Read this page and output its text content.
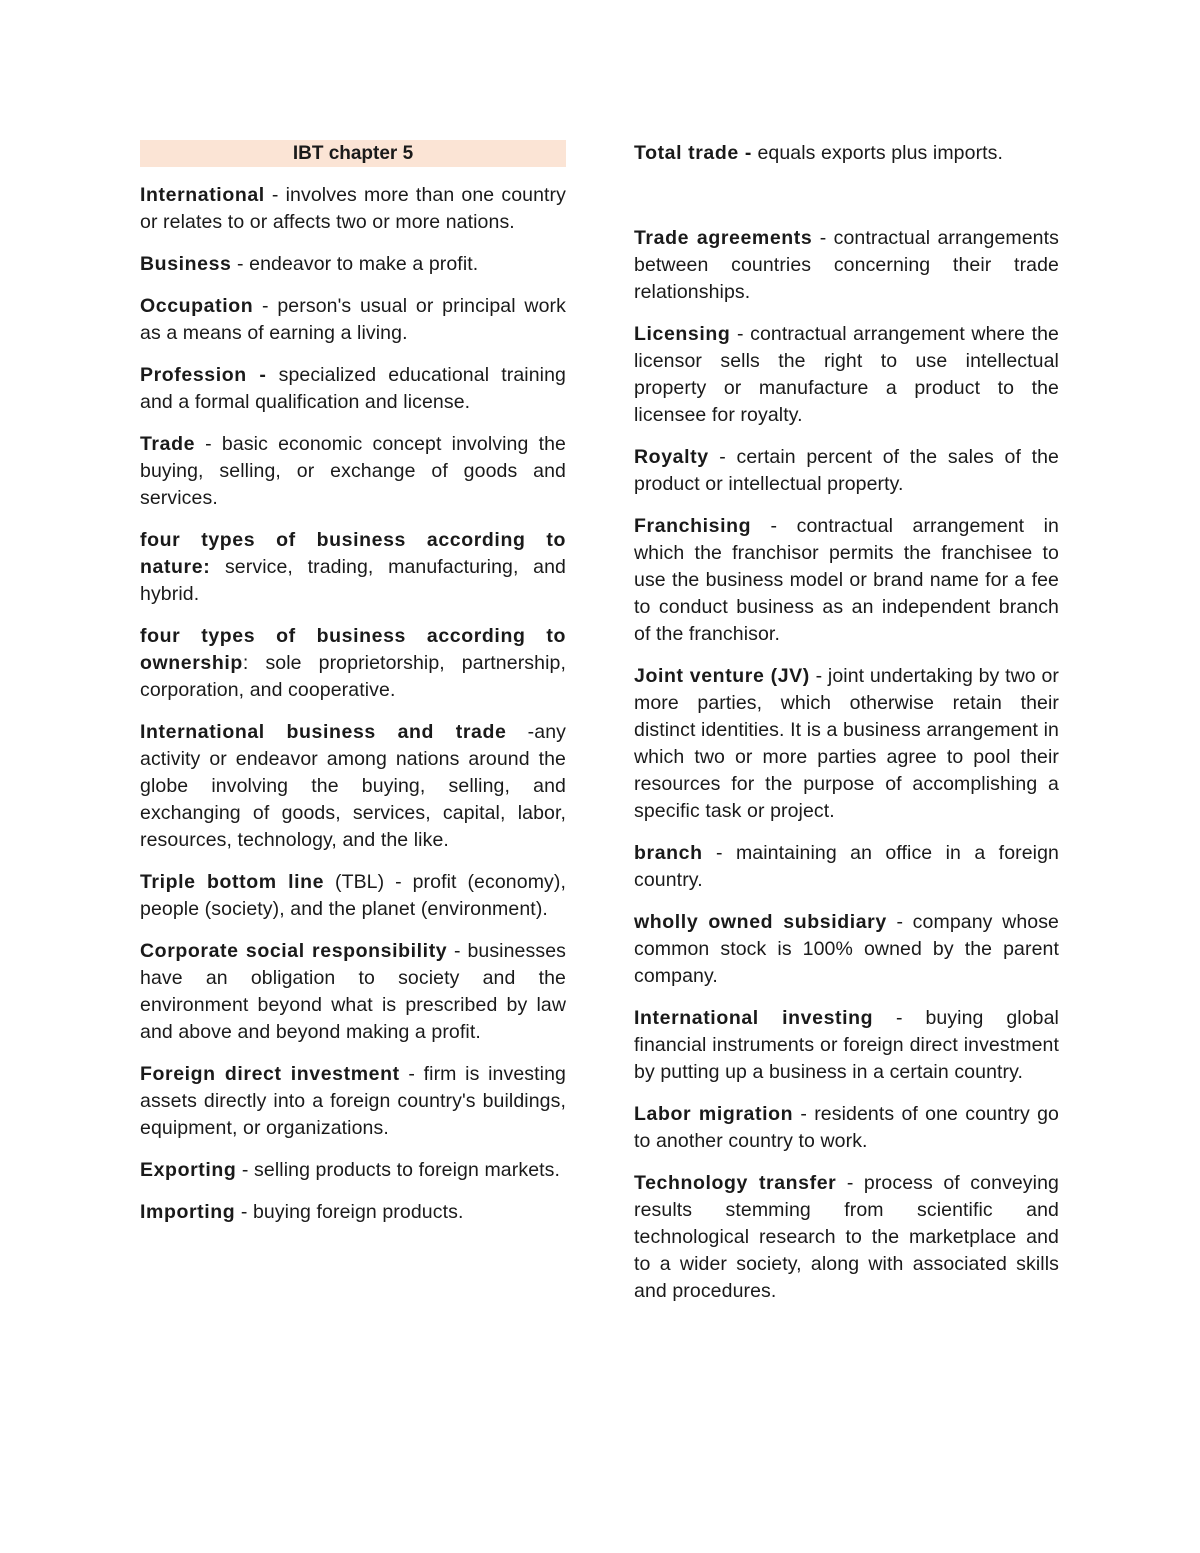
IBT chapter 5

International - involves more than one country or relates to or affects two or more nations.

Business - endeavor to make a profit.

Occupation - person's usual or principal work as a means of earning a living.

Profession - specialized educational training and a formal qualification and license.

Trade - basic economic concept involving the buying, selling, or exchange of goods and services.

four types of business according to nature: service, trading, manufacturing, and hybrid.

four types of business according to ownership: sole proprietorship, partnership, corporation, and cooperative.

International business and trade -any activity or endeavor among nations around the globe involving the buying, selling, and exchanging of goods, services, capital, labor, resources, technology, and the like.

Triple bottom line (TBL) - profit (economy), people (society), and the planet (environment).

Corporate social responsibility - businesses have an obligation to society and the environment beyond what is prescribed by law and above and beyond making a profit.

Foreign direct investment - firm is investing assets directly into a foreign country's buildings, equipment, or organizations.

Exporting - selling products to foreign markets.

Importing - buying foreign products.

Total trade - equals exports plus imports.

Trade agreements - contractual arrangements between countries concerning their trade relationships.

Licensing - contractual arrangement where the licensor sells the right to use intellectual property or manufacture a product to the licensee for royalty.

Royalty - certain percent of the sales of the product or intellectual property.

Franchising - contractual arrangement in which the franchisor permits the franchisee to use the business model or brand name for a fee to conduct business as an independent branch of the franchisor.

Joint venture (JV) - joint undertaking by two or more parties, which otherwise retain their distinct identities. It is a business arrangement in which two or more parties agree to pool their resources for the purpose of accomplishing a specific task or project.

branch - maintaining an office in a foreign country.

wholly owned subsidiary - company whose common stock is 100% owned by the parent company.

International investing - buying global financial instruments or foreign direct investment by putting up a business in a certain country.

Labor migration - residents of one country go to another country to work.

Technology transfer - process of conveying results stemming from scientific and technological research to the marketplace and to a wider society, along with associated skills and procedures.
